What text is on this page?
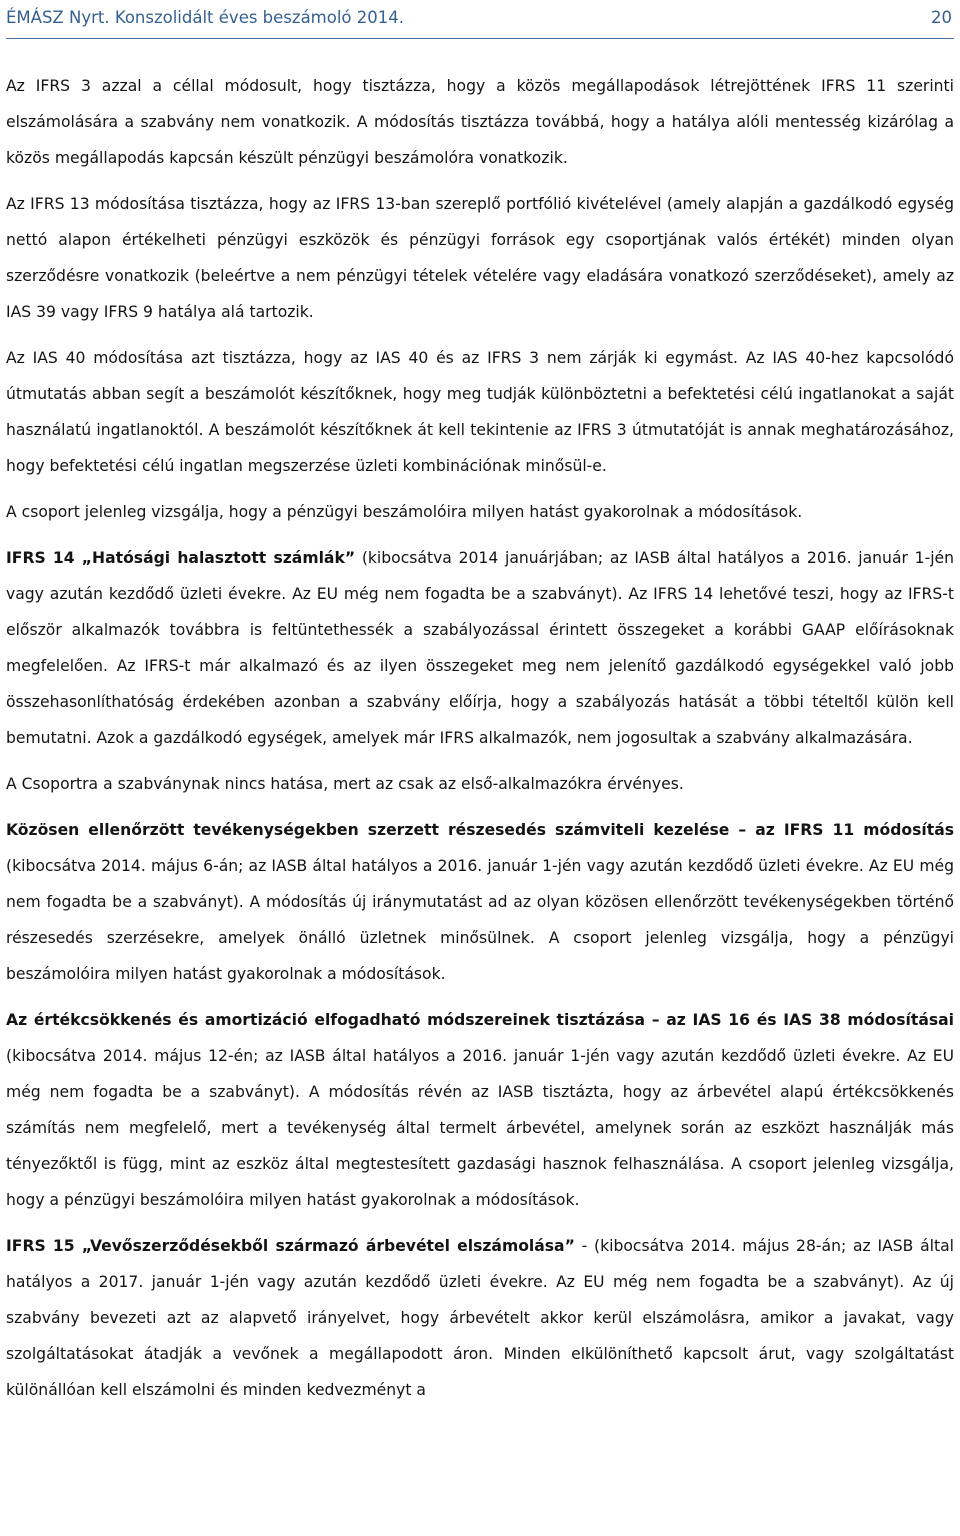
ÉMÁSZ Nyrt. Konszolidált éves beszámoló 2014.	20

Az IFRS 3 azzal a céllal módosult, hogy tisztázza, hogy a közös megállapodások létrejöttének IFRS 11 szerinti elszámolására a szabvány nem vonatkozik. A módosítás tisztázza továbbá, hogy a hatálya alóli mentesség kizárólag a közös megállapodás kapcsán készült pénzügyi beszámolóra vonatkozik.

Az IFRS 13 módosítása tisztázza, hogy az IFRS 13-ban szereplő portfólió kivételével (amely alapján a gazdálkodó egység nettó alapon értékelheti pénzügyi eszközök és pénzügyi források egy csoportjának valós értékét) minden olyan szerződésre vonatkozik (beleértve a nem pénzügyi tételek vételére vagy eladására vonatkozó szerződéseket), amely az IAS 39 vagy IFRS 9 hatálya alá tartozik.

Az IAS 40 módosítása azt tisztázza, hogy az IAS 40 és az IFRS 3 nem zárják ki egymást. Az IAS 40-hez kapcsolódó útmutatás abban segít a beszámolót készítőknek, hogy meg tudják különböztetni a befektetési célú ingatlanokat a saját használatú ingatlanoktól. A beszámolót készítőknek át kell tekintenie az IFRS 3 útmutatóját is annak meghatározásához, hogy befektetési célú ingatlan megszerzése üzleti kombinációnak minősül-e.

A csoport jelenleg vizsgálja, hogy a pénzügyi beszámolóira milyen hatást gyakorolnak a módosítások.

IFRS 14 „Hatósági halasztott számlák” (kibocsátva 2014 januárjában; az IASB által hatályos a 2016. január 1-jén vagy azután kezdődő üzleti évekre. Az EU még nem fogadta be a szabványt). Az IFRS 14 lehetővé teszi, hogy az IFRS-t először alkalmazók továbbra is feltüntethessék a szabályozással érintett összegeket a korábbi GAAP előírásoknak megfelelően. Az IFRS-t már alkalmazó és az ilyen összegeket meg nem jelenítő gazdálkodó egységekkel való jobb összehasonlíthatóság érdekében azonban a szabvány előírja, hogy a szabályozás hatását a többi tételtől külön kell bemutatni. Azok a gazdálkodó egységek, amelyek már IFRS alkalmazók, nem jogosultak a szabvány alkalmazására.

A Csoportra a szabványnak nincs hatása, mert az csak az első-alkalmazókra érvényes.

Közösen ellenőrzött tevékenységekben szerzett részesedés számviteli kezelése – az IFRS 11 módosítás (kibocsátva 2014. május 6-án; az IASB által hatályos a 2016. január 1-jén vagy azután kezdődő üzleti évekre. Az EU még nem fogadta be a szabványt). A módosítás új iránymutatást ad az olyan közösen ellenőrzött tevékenységekben történő részesedés szerzésekre, amelyek önálló üzletnek minősülnek. A csoport jelenleg vizsgálja, hogy a pénzügyi beszámolóira milyen hatást gyakorolnak a módosítások.

Az értékcsökkenés és amortizáció elfogadható módszereinek tisztázása – az IAS 16 és IAS 38 módosításai (kibocsátva 2014. május 12-én; az IASB által hatályos a 2016. január 1-jén vagy azután kezdődő üzleti évekre. Az EU még nem fogadta be a szabványt). A módosítás révén az IASB tisztázta, hogy az árbevétel alapú értékcsökkenés számítás nem megfelelő, mert a tevékenység által termelt árbevétel, amelynek során az eszközt használják más tényezőktől is függ, mint az eszköz által megtestesített gazdasági hasznok felhasználása. A csoport jelenleg vizsgálja, hogy a pénzügyi beszámolóira milyen hatást gyakorolnak a módosítások.

IFRS 15 „Vevőszerződésekből származó árbevétel elszámolása” - (kibocsátva 2014. május 28-án; az IASB által hatályos a 2017. január 1-jén vagy azután kezdődő üzleti évekre. Az EU még nem fogadta be a szabványt). Az új szabvány bevezeti azt az alapvető irányelvet, hogy árbevételt akkor kerül elszámolásra, amikor a javakat, vagy szolgáltatásokat átadják a vevőnek a megállapodott áron. Minden elkülöníthető kapcsolt árut, vagy szolgáltatást különállóan kell elszámolni és minden kedvezményt a
